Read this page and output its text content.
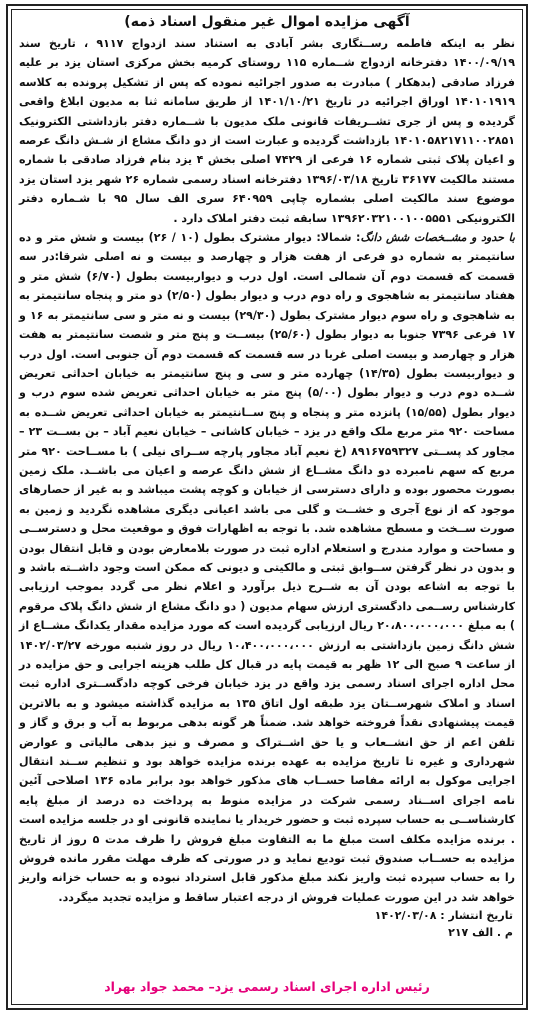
آگهی مزایده اموال غیر منقول اسناد ذمه)

نظر به اینکه فاطمه رســتگاری بشر آبادی به استناد سند ازدواج ۹۱۱۷ ، تاریخ سند ۱۴۰۰/۰۹/۱۹ دفترخانه ازدواج شــماره ۱۱۵ روستای کرمیه بخش مرکزی استان یزد بر علیه فرزاد صادقی (بدهکار ) مبادرت به صدور اجرائیه نموده که پس از تشکیل پرونده به کلاسه ۱۴۰۱۰۱۹۱۹ اوراق اجرائیه در تاریخ ۱۴۰۱/۱۰/۲۱ از طریق سامانه ثنا به مدیون ابلاغ واقعی گردیده و پس از جری تشــریفات قانونی ملک مدیون با شــماره دفتر بازداشتی الکترونیک ۱۴۰۱۰۵۸۲۱۷۱۱۰۰۲۸۵۱ بازداشت گردیده و عبارت است از دو دانگ مشاع از شـش دانگ عرصه و اعیان پلاک ثبتی شماره ۱۶ فرعی از ۷۴۲۹ اصلی بخش ۴ یزد بنام فرزاد صادقی با شماره مستند مالکیت ۳۶۱۷۷ تاریخ ۱۳۹۶/۰۳/۱۸ دفترخانه اسناد رسمی شماره ۲۶ شهر یزد استان یزد موضوع سند مالکیت اصلی بشماره چاپی ۶۴۰۹۵۹ سری الف سال ۹۵ با شـماره دفتر الکترونیکی ۱۳۹۶۲۰۳۲۱۰۰۱۰۰۵۵۵۱ سابقه ثبت دفتر املاک دارد .

با حدود و مشــخصات شش دانگ: شمالا: دیوار مشترک بطول (۱۰ / ۲۶) بیست و شش متر و ده سانتیمتر به شماره دو فرعی از هفت هزار و چهارصد و بیست و نه اصلی شرقا:در سه قسمت که قسمت دوم آن شمالی است. اول درب و دیواربیست بطول (۶/۷۰) شش متر و هفتاد سانتیمتر به شاهجوی و راه دوم درب و دیوار بطول (۲/۵۰) دو متر و پنجاه سانتیمتر به به شاهجوی و راه سوم دیوار مشترک بطول (۲۹/۳۰) بیست و نه متر و سی سانتیمتر به ۱۶ و ۱۷ فرعی ۷۳۹۶ جنوبا به دیوار بطول (۲۵/۶۰) بیســت و پنج متر و شصت سانتیمتر به هفت هزار و چهارصد و بیست اصلی غربا در سه قسمت که قسمت دوم آن جنوبی است. اول درب و دیواربیست بطول (۱۴/۳۵) چهارده متر و سی و پنج سانتیمتر به خیابان احداثی تعریض شــده دوم درب و دیوار بطول (۵/۰۰) پنج متر به خیابان احداثی تعریض شده سوم درب و دیوار بطول (۱۵/۵۵) پانزده متر و پنجاه و پنج ســانتیمتر به خیابان احداثی تعریض شــده به مساحت ۹۲۰ متر مربع ملک واقع در یزد – خیابان کاشانی – خیابان نعیم آباد – بن بســت ۲۳ – مجاور کد پســتی ۸۹۱۶۷۵۹۳۲۷ (خ نعیم آباد مجاور پارچه ســرای نیلی ) با مســاحت ۹۲۰ متر مربع که سهم نامبرده دو دانگ مشــاع از شش دانگ عرصه و اعیان می باشــد. ملک زمین بصورت محصور بوده و دارای دسترسی از خیابان و کوچه پشت میباشد و به غیر از حصارهای موجود که از نوع آجری و خشــت و گلی می باشد اعیانی دیگری مشاهده نگردید و زمین به صورت ســخت و مسطح مشاهده شد. با توجه به اظهارات فوق و موقعیت محل و دسترســی و مساحت و موارد مندرج و استعلام اداره ثبت در صورت بلامعارض بودن و قابل انتقال بودن و بدون در نظر گرفتن ســوابق ثبتی و مالکیتی و دیونی که ممکن است وجود داشــته باشد و با توجه به اشاعه بودن آن به شــرح ذیل برآورد و اعلام نظر می گردد بموجب ارزیابی کارشناس رســمی دادگستری ارزش سهام مدیون ( دو دانگ مشاع از شش دانگ پلاک مرقوم ) به مبلغ ۲۰،۸۰۰،۰۰۰،۰۰۰ ریال ارزیابی گردیده است که مورد مزایده مقدار یکدانگ مشــاع از شش دانگ زمین بازداشتی به ارزش ۱۰،۴۰۰،۰۰۰،۰۰۰ ریال در روز شنبه مورخه ۱۴۰۲/۰۳/۲۷ از ساعت ۹ صبح الی ۱۲ ظهر به قیمت پایه در قبال کل طلب هزینه اجرایی و حق مزایده در محل اداره اجرای اسناد رسمی یزد واقع در یزد خیابان فرخی کوچه دادگســتری اداره ثبت اسناد و املاک شهرســتان یزد طبقه اول اتاق ۱۳۵ به مزایده گذاشته میشود و به بالاترین قیمت پیشنهادی نقداً فروخته خواهد شد. ضمناً هر گونه بدهی مربوط به آب و برق و گاز و تلفن اعم از حق انشــعاب و یا حق اشــتراک و مصرف و نیز بدهی مالیاتی و عوارض شهرداری و غیره تا تاریخ مزایده به عهده برنده مزایده خواهد بود و تنظیم ســند انتقال اجرایی موکول به ارائه مفاصا حســاب های مذکور خواهد بود برابر ماده ۱۳۶ اصلاحی آئین نامه اجرای اســناد رسمی شرکت در مزایده منوط به پرداخت ده درصد از مبلغ پایه کارشناســی به حساب سپرده ثبت و حضور خریدار یا نماینده قانونی او در جلسه مزایده است . برنده مزایده مکلف است مبلغ ما به التفاوت مبلغ فروش را ظرف مدت ۵ روز از تاریخ مزایده به حســاب صندوق ثبت تودیع نماید و در صورتی که ظرف مهلت مقرر مانده فروش را به حساب سپرده ثبت واریز نکند مبلغ مذکور قابل استرداد نبوده و به حساب خزانه واریز خواهد شد در این صورت عملیات فروش از درجه اعتبار ساقط و مزایده تجدید میگردد.

تاریخ انتشار : ۱۴۰۲/۰۳/۰۸
م . الف ۲۱۷
رئیس اداره اجرای اسناد رسمی یزد– محمد جواد بهراد
